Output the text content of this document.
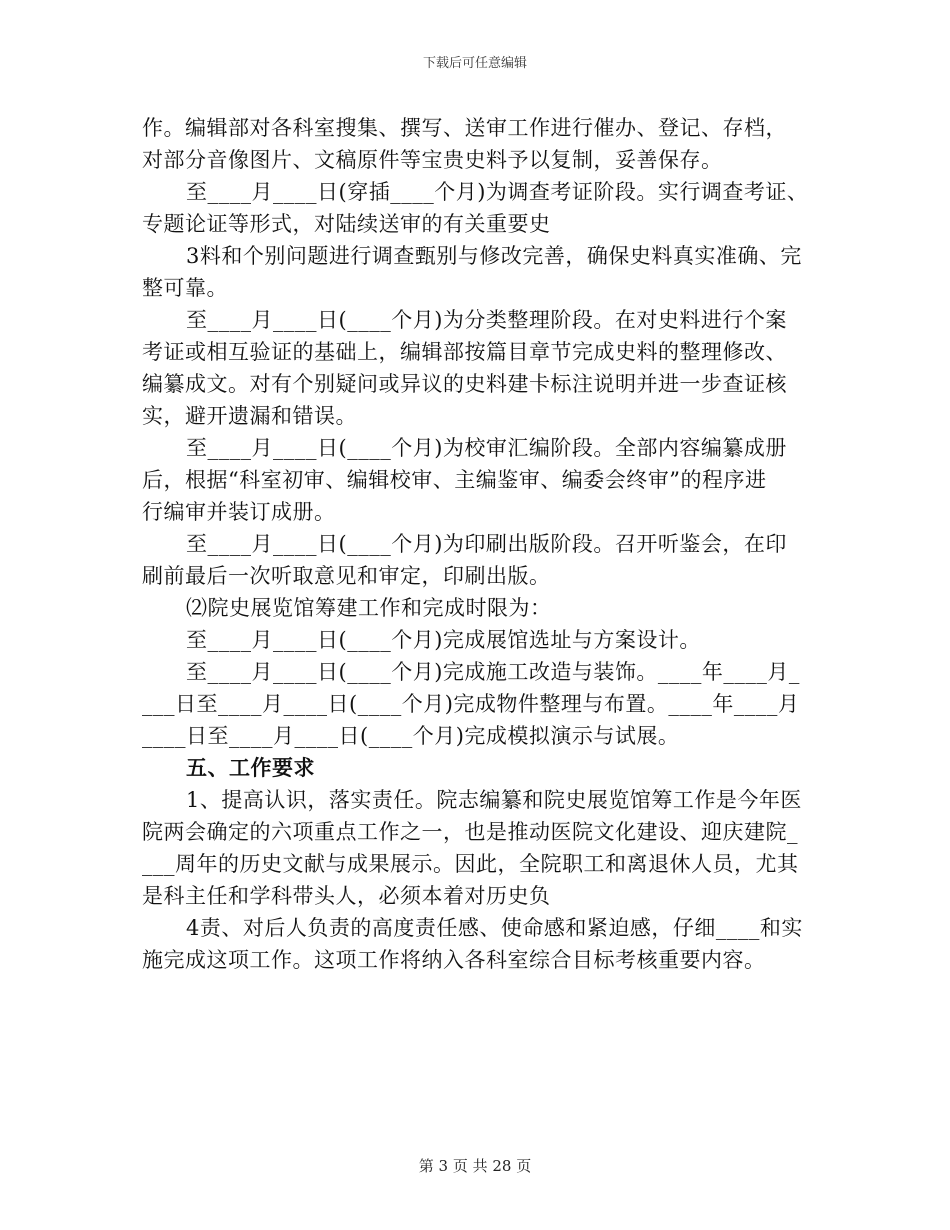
下载后可任意编辑
作。编辑部对各科室搜集、撰写、送审工作进行催办、登记、存档，
对部分音像图片、文稿原件等宝贵史料予以复制，妥善保存。
至____月____日(穿插____个月)为调查考证阶段。实行调查考证、
专题论证等形式，对陆续送审的有关重要史
3料和个别问题进行调查甄别与修改完善，确保史料真实准确、完
整可靠。
至____月____日(____个月)为分类整理阶段。在对史料进行个案
考证或相互验证的基础上，编辑部按篇目章节完成史料的整理修改、
编纂成文。对有个别疑问或异议的史料建卡标注说明并进一步查证核
实，避开遗漏和错误。
至____月____日(____个月)为校审汇编阶段。全部内容编纂成册
后，根据“科室初审、编辑校审、主编鉴审、编委会终审”的程序进
行编审并装订成册。
至____月____日(____个月)为印刷出版阶段。召开听鉴会，在印
刷前最后一次听取意见和审定，印刷出版。
⑵院史展览馆筹建工作和完成时限为：
至____月____日(____个月)完成展馆选址与方案设计。
至____月____日(____个月)完成施工改造与装饰。____年____月_
___日至____月____日(____个月)完成物件整理与布置。____年____月
____日至____月____日(____个月)完成模拟演示与试展。
五、工作要求
1、提高认识，落实责任。院志编纂和院史展览馆筹工作是今年医
院两会确定的六项重点工作之一，也是推动医院文化建设、迎庆建院_
___周年的历史文献与成果展示。因此，全院职工和离退休人员，尤其
是科主任和学科带头人，必须本着对历史负
4责、对后人负责的高度责任感、使命感和紧迫感，仔细____和实
施完成这项工作。这项工作将纳入各科室综合目标考核重要内容。
第 3 页 共 28 页
